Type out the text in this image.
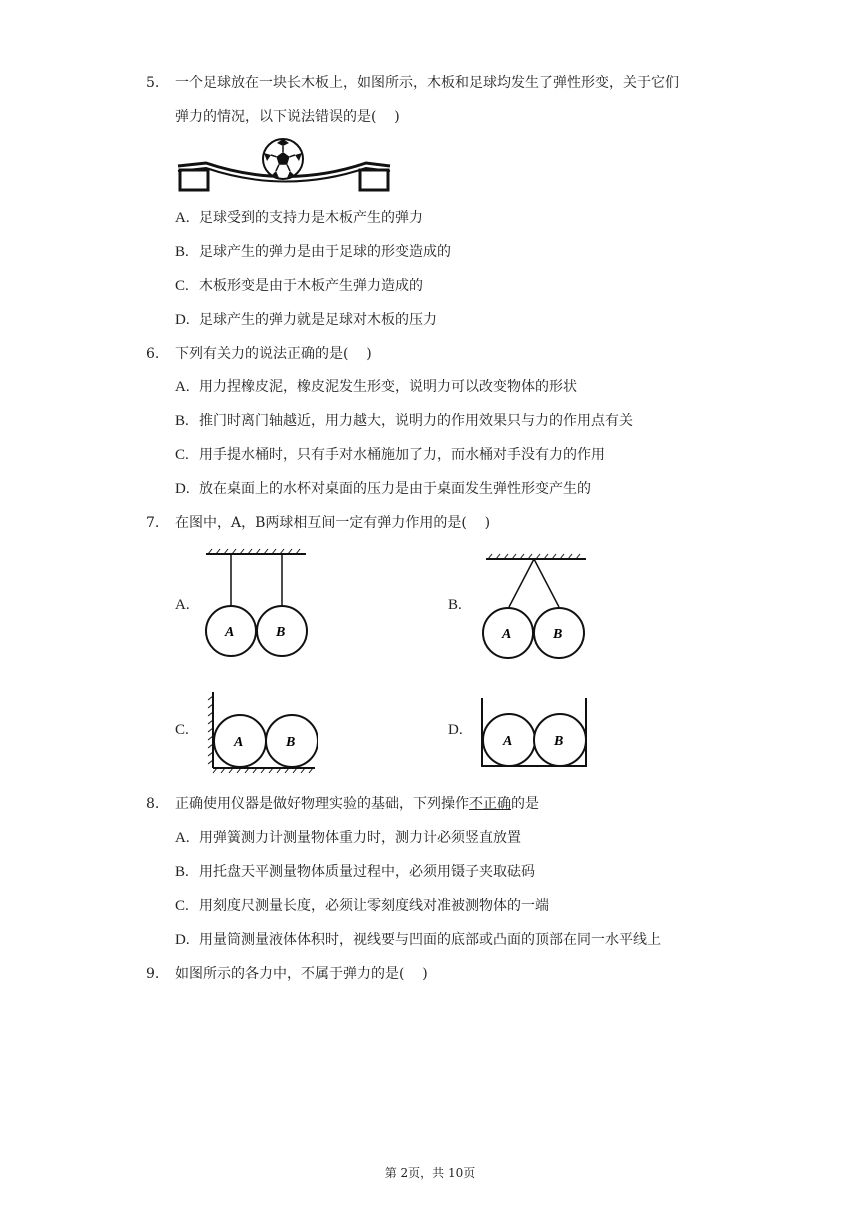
5. 一个足球放在一块长木板上，如图所示，木板和足球均发生了弹性形变，关于它们
弹力的情况，以下说法错误的是(    )
A. 足球受到的支持力是木板产生的弹力
B. 足球产生的弹力是由于足球的形变造成的
C. 木板形变是由于木板产生弹力造成的
D. 足球产生的弹力就是足球对木板的压力
6. 下列有关力的说法正确的是(    )
A. 用力捏橡皮泥，橡皮泥发生形变，说明力可以改变物体的形状
B. 推门时离门轴越近，用力越大，说明力的作用效果只与力的作用点有关
C. 用手提水桶时，只有手对水桶施加了力，而水桶对手没有力的作用
D. 放在桌面上的水杯对桌面的压力是由于桌面发生弹性形变产生的
7. 在图中，A，B两球相互间一定有弹力作用的是(    )
A.
A	B
B.
A	B
C.
A	B
D.
A	B
8. 正确使用仪器是做好物理实验的基础，下列操作不正确的是
A. 用弹簧测力计测量物体重力时，测力计必须竖直放置
B. 用托盘天平测量物体质量过程中，必须用镊子夹取砝码
C. 用刻度尺测量长度，必须让零刻度线对准被测物体的一端
D. 用量筒测量液体体积时，视线要与凹面的底部或凸面的顶部在同一水平线上
9. 如图所示的各力中，不属于弹力的是(    )
第 2页，共 10页
